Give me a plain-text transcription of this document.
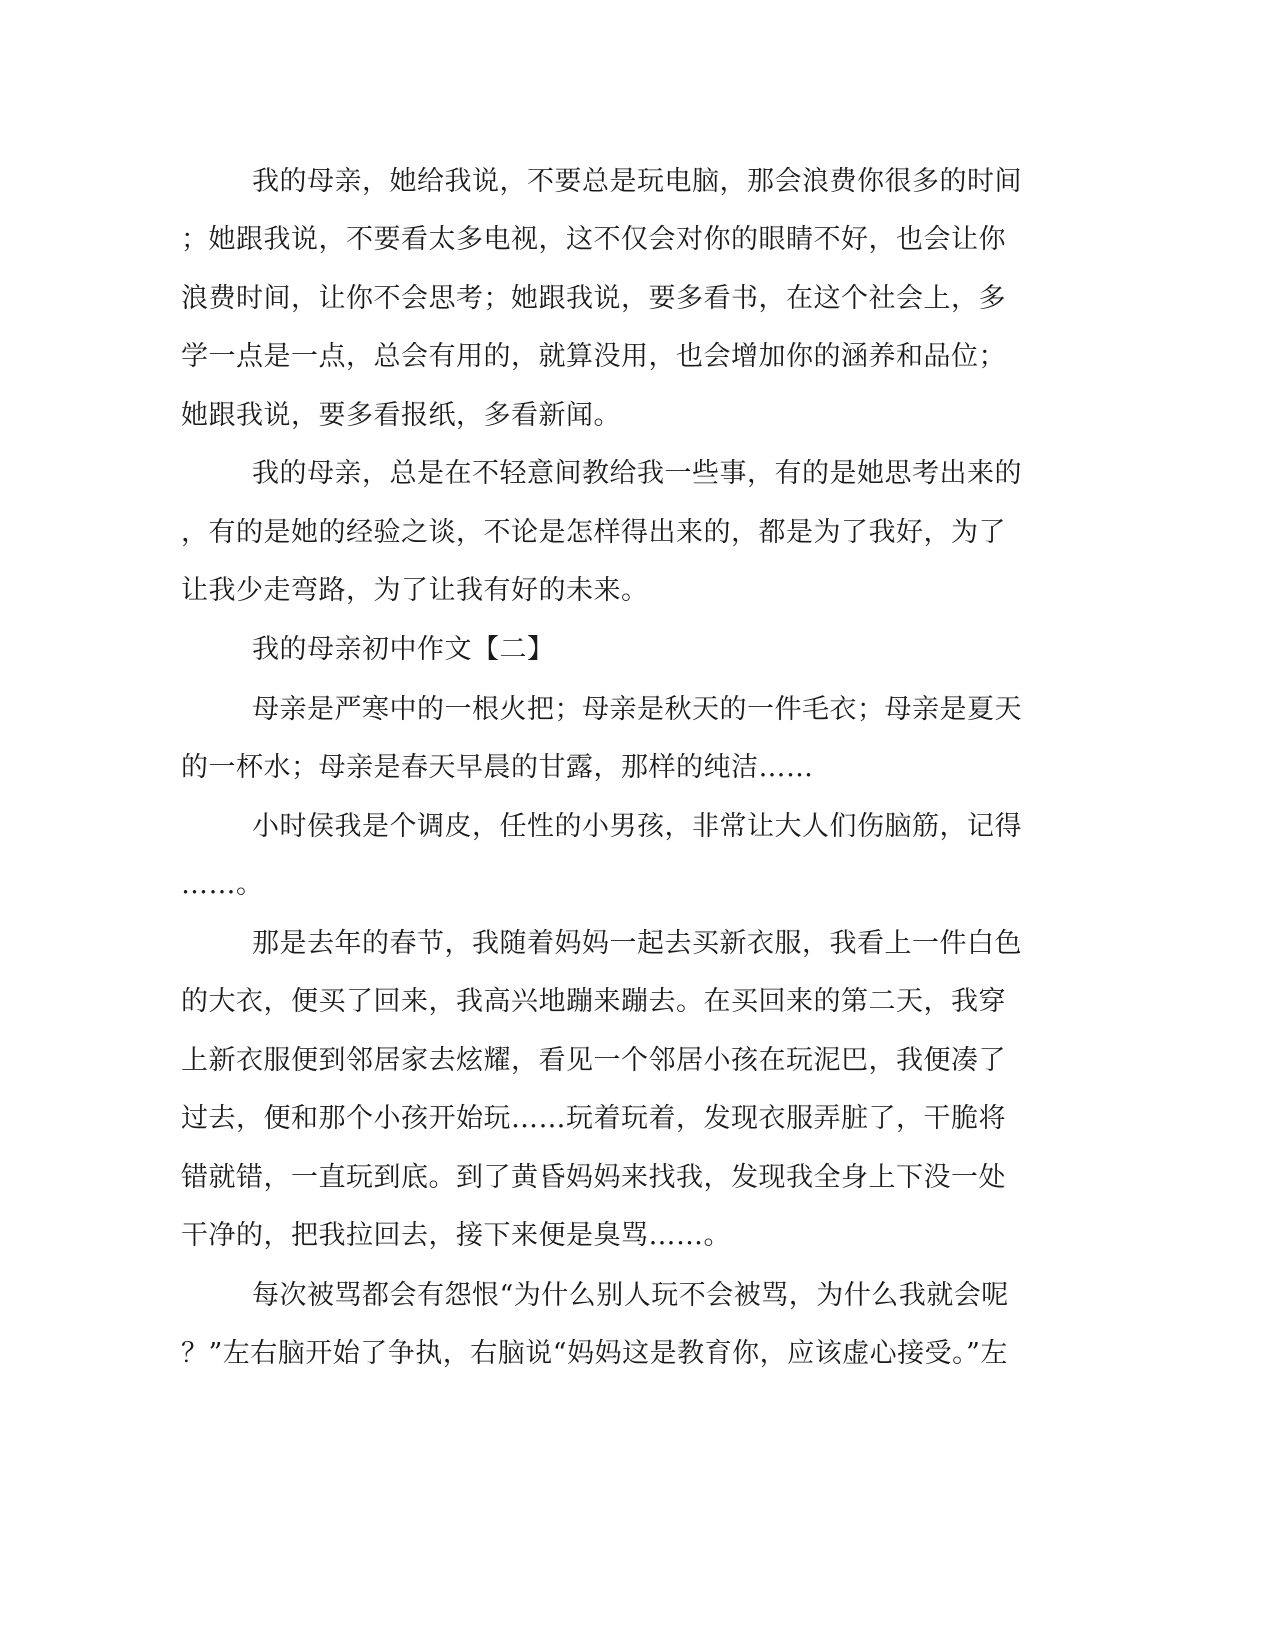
我的母亲，她给我说，不要总是玩电脑，那会浪费你很多的时间
；她跟我说，不要看太多电视，这不仅会对你的眼睛不好，也会让你
浪费时间，让你不会思考；她跟我说，要多看书，在这个社会上，多
学一点是一点，总会有用的，就算没用，也会增加你的涵养和品位；
她跟我说，要多看报纸，多看新闻。
我的母亲，总是在不轻意间教给我一些事，有的是她思考出来的
，有的是她的经验之谈，不论是怎样得出来的，都是为了我好，为了
让我少走弯路，为了让我有好的未来。
我的母亲初中作文【二】
母亲是严寒中的一根火把；母亲是秋天的一件毛衣；母亲是夏天
的一杯水；母亲是春天早晨的甘露，那样的纯洁……
小时侯我是个调皮，任性的小男孩，非常让大人们伤脑筋，记得
……。
那是去年的春节，我随着妈妈一起去买新衣服，我看上一件白色
的大衣，便买了回来，我高兴地蹦来蹦去。在买回来的第二天，我穿
上新衣服便到邻居家去炫耀，看见一个邻居小孩在玩泥巴，我便凑了
过去，便和那个小孩开始玩……玩着玩着，发现衣服弄脏了，干脆将
错就错，一直玩到底。到了黄昏妈妈来找我，发现我全身上下没一处
干净的，把我拉回去，接下来便是臭骂……。
每次被骂都会有怨恨“为什么别人玩不会被骂，为什么我就会呢
？”左右脑开始了争执，右脑说“妈妈这是教育你，应该虚心接受。”左
